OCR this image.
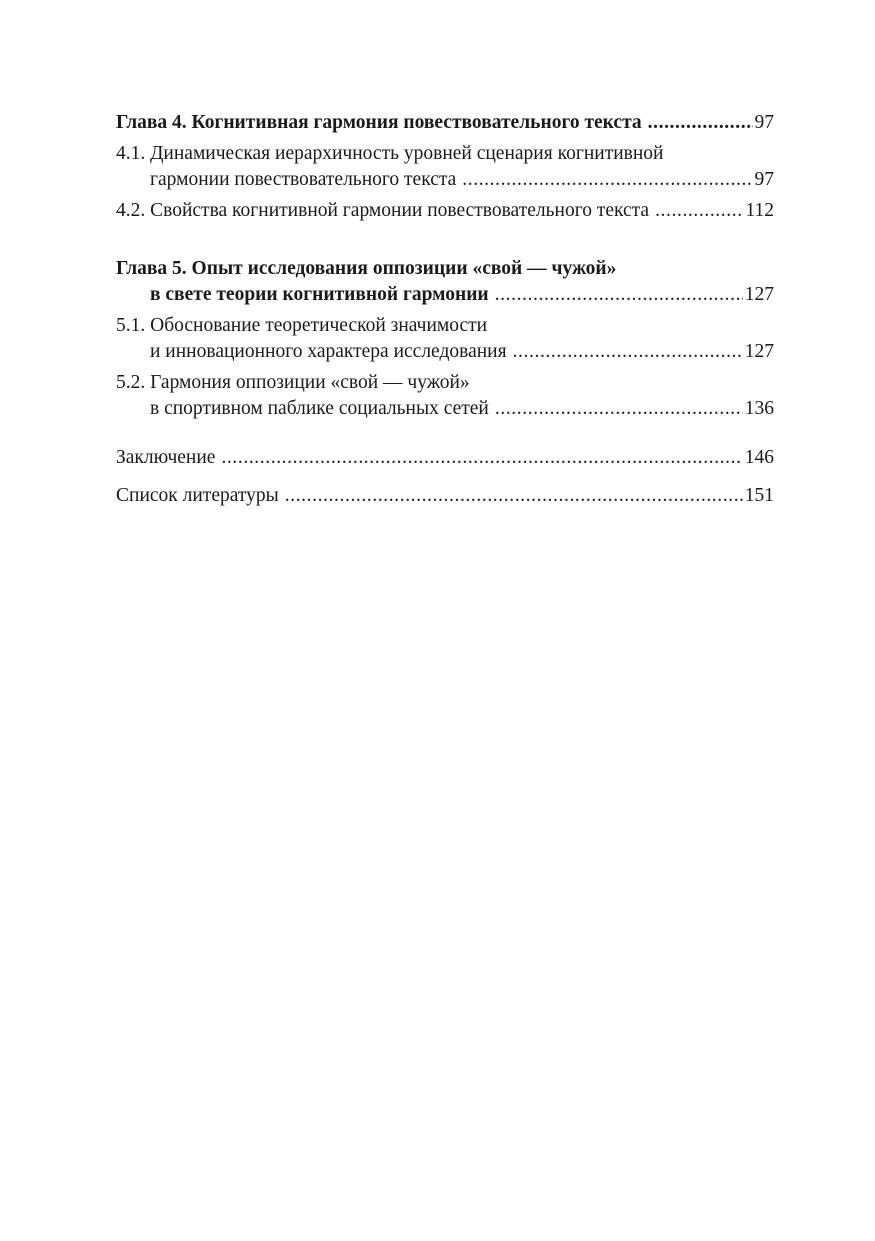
Глава 4. Когнитивная гармония повествовательного текста .....	97
4.1. Динамическая иерархичность уровней сценария когнитивной
гармонии повествовательного текста .....	97
4.2. Свойства когнитивной гармонии повествовательного текста .....	112
Глава 5. Опыт исследования оппозиции «свой — чужой»
в свете теории когнитивной гармонии .....	127
5.1. Обоснование теоретической значимости
и инновационного характера исследования .....	127
5.2. Гармония оппозиции «свой — чужой»
в спортивном паблике социальных сетей .....	136
Заключение .....	146
Список литературы .....	151
